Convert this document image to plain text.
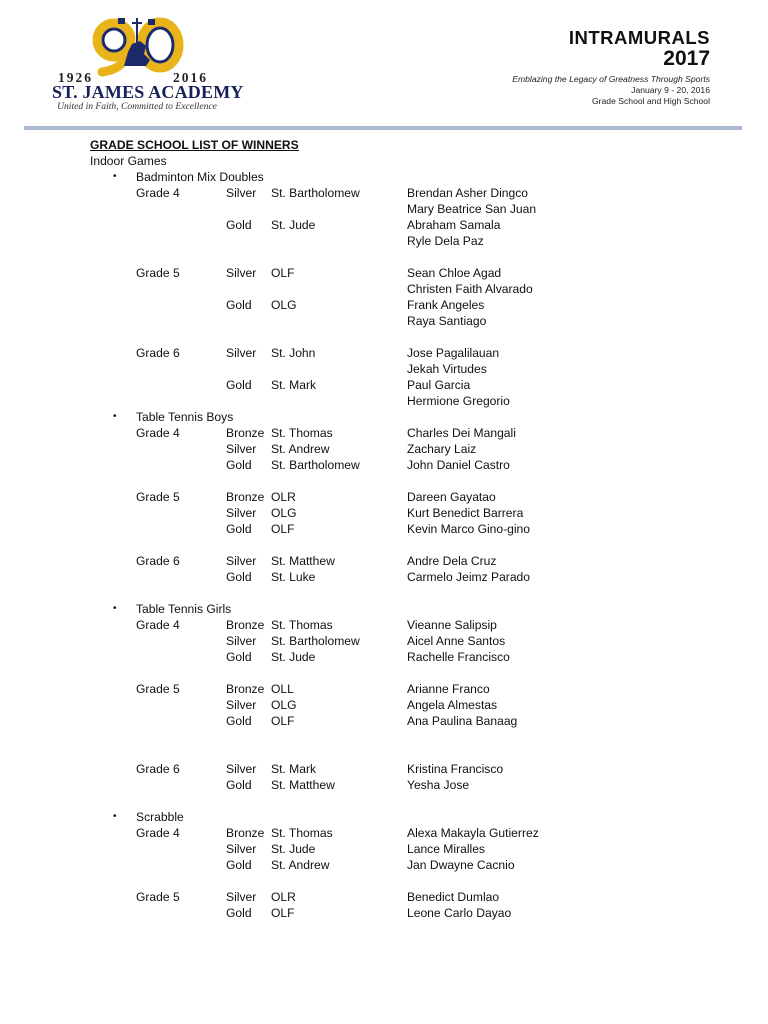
1926	2016
ST. JAMES ACADEMY
United in Faith, Committed to Excellence
INTRAMURALS
2017
Emblazing the Legacy of Greatness Through Sports
January 9 - 20, 2016
Grade School and High School
GRADE SCHOOL LIST OF WINNERS
Indoor Games
• Badminton Mix Doubles
Grade 4	Silver St. Bartholomew	Brendan Asher Dingco
Mary Beatrice San Juan
Gold St. Jude	Abraham Samala
Ryle Dela Paz
Grade 5	Silver OLF	Sean Chloe Agad
Christen Faith Alvarado
Gold OLG	Frank Angeles
Raya Santiago
Grade 6	Silver St. John	Jose Pagalilauan
Jekah Virtudes
Gold St. Mark	Paul Garcia
Hermione Gregorio
• Table Tennis Boys
Grade 4	Bronze St. Thomas	Charles Dei Mangali
Silver St. Andrew	Zachary Laiz
Gold St. Bartholomew	John Daniel Castro
Grade 5	Bronze OLR	Dareen Gayatao
Silver OLG	Kurt Benedict Barrera
Gold OLF	Kevin Marco Gino-gino
Grade 6	Silver St. Matthew	Andre Dela Cruz
Gold St. Luke	Carmelo Jeimz Parado
• Table Tennis Girls
Grade 4	Bronze St. Thomas	Vieanne Salipsip
Silver St. Bartholomew	Aicel Anne Santos
Gold St. Jude	Rachelle Francisco
Grade 5	Bronze OLL	Arianne Franco
Silver OLG	Angela Almestas
Gold OLF	Ana Paulina Banaag
Grade 6	Silver St. Mark	Kristina Francisco
Gold St. Matthew	Yesha Jose
• Scrabble
Grade 4	Bronze St. Thomas	Alexa Makayla Gutierrez
Silver St. Jude	Lance Miralles
Gold St. Andrew	Jan Dwayne Cacnio
Grade 5	Silver OLR	Benedict Dumlao
Gold OLF	Leone Carlo Dayao
